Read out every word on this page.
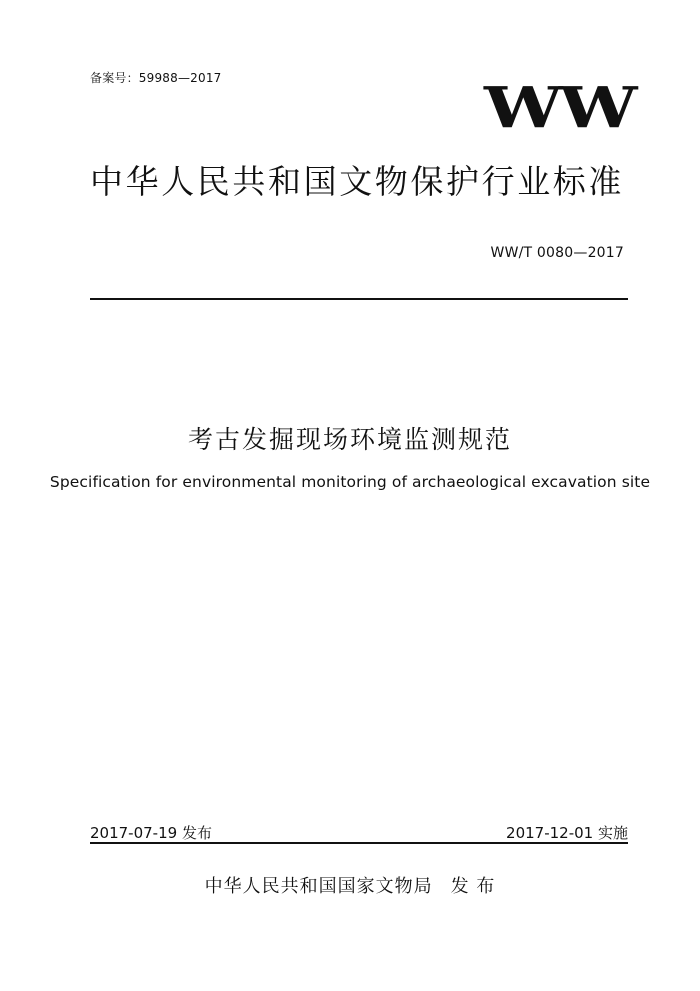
备案号：59988—2017	WW
中华人民共和国文物保护行业标准
WW/T 0080—2017
考古发掘现场环境监测规范
Specification for environmental monitoring of archaeological excavation site
2017-07-19 发布	2017-12-01 实施
中华人民共和国国家文物局 发 布
